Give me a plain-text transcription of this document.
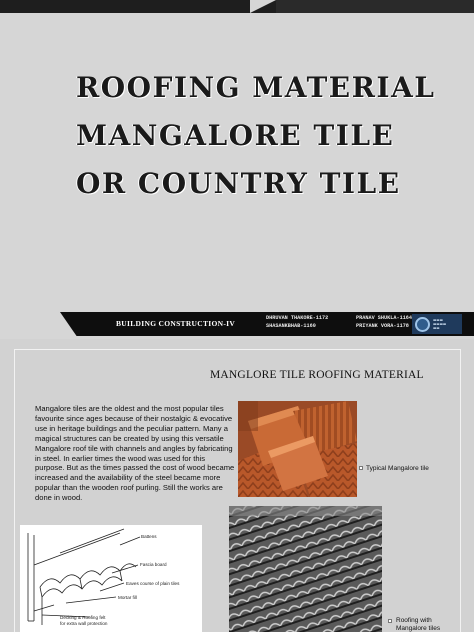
ROOFING MATERIAL
MANGALORE TILE
OR COUNTRY TILE
BUILDING CONSTRUCTION-IV
DHRUVAN THAKORE-1172
SHASANKBHAB-1160
PRANAV SHUKLA-1164
PRIYANK VORA-1178
▬▬▬
▬▬▬▬
▬▬
MANGLORE TILE ROOFING MATERIAL

Mangalore tiles are the oldest and the most popular tiles favourite since ages because of their nostalgic & evocative use in heritage buildings and the peculiar pattern. Many a magical structures can be created by using this versatile Mangalore roof tile with channels and angles by fabricating in steel. In earlier times the wood was used for this purpose. But as the times passed the cost of wood became increased and the availability of the steel became more popular than the wooden roof purling. Still the works are done in wood.

Typical Mangalore tile
Roofing with
Mangalore tiles
Battens
Fascia board
Eaves course of plain tiles
Mortar fill
Decking & Roofing felt
for extra wall protection
